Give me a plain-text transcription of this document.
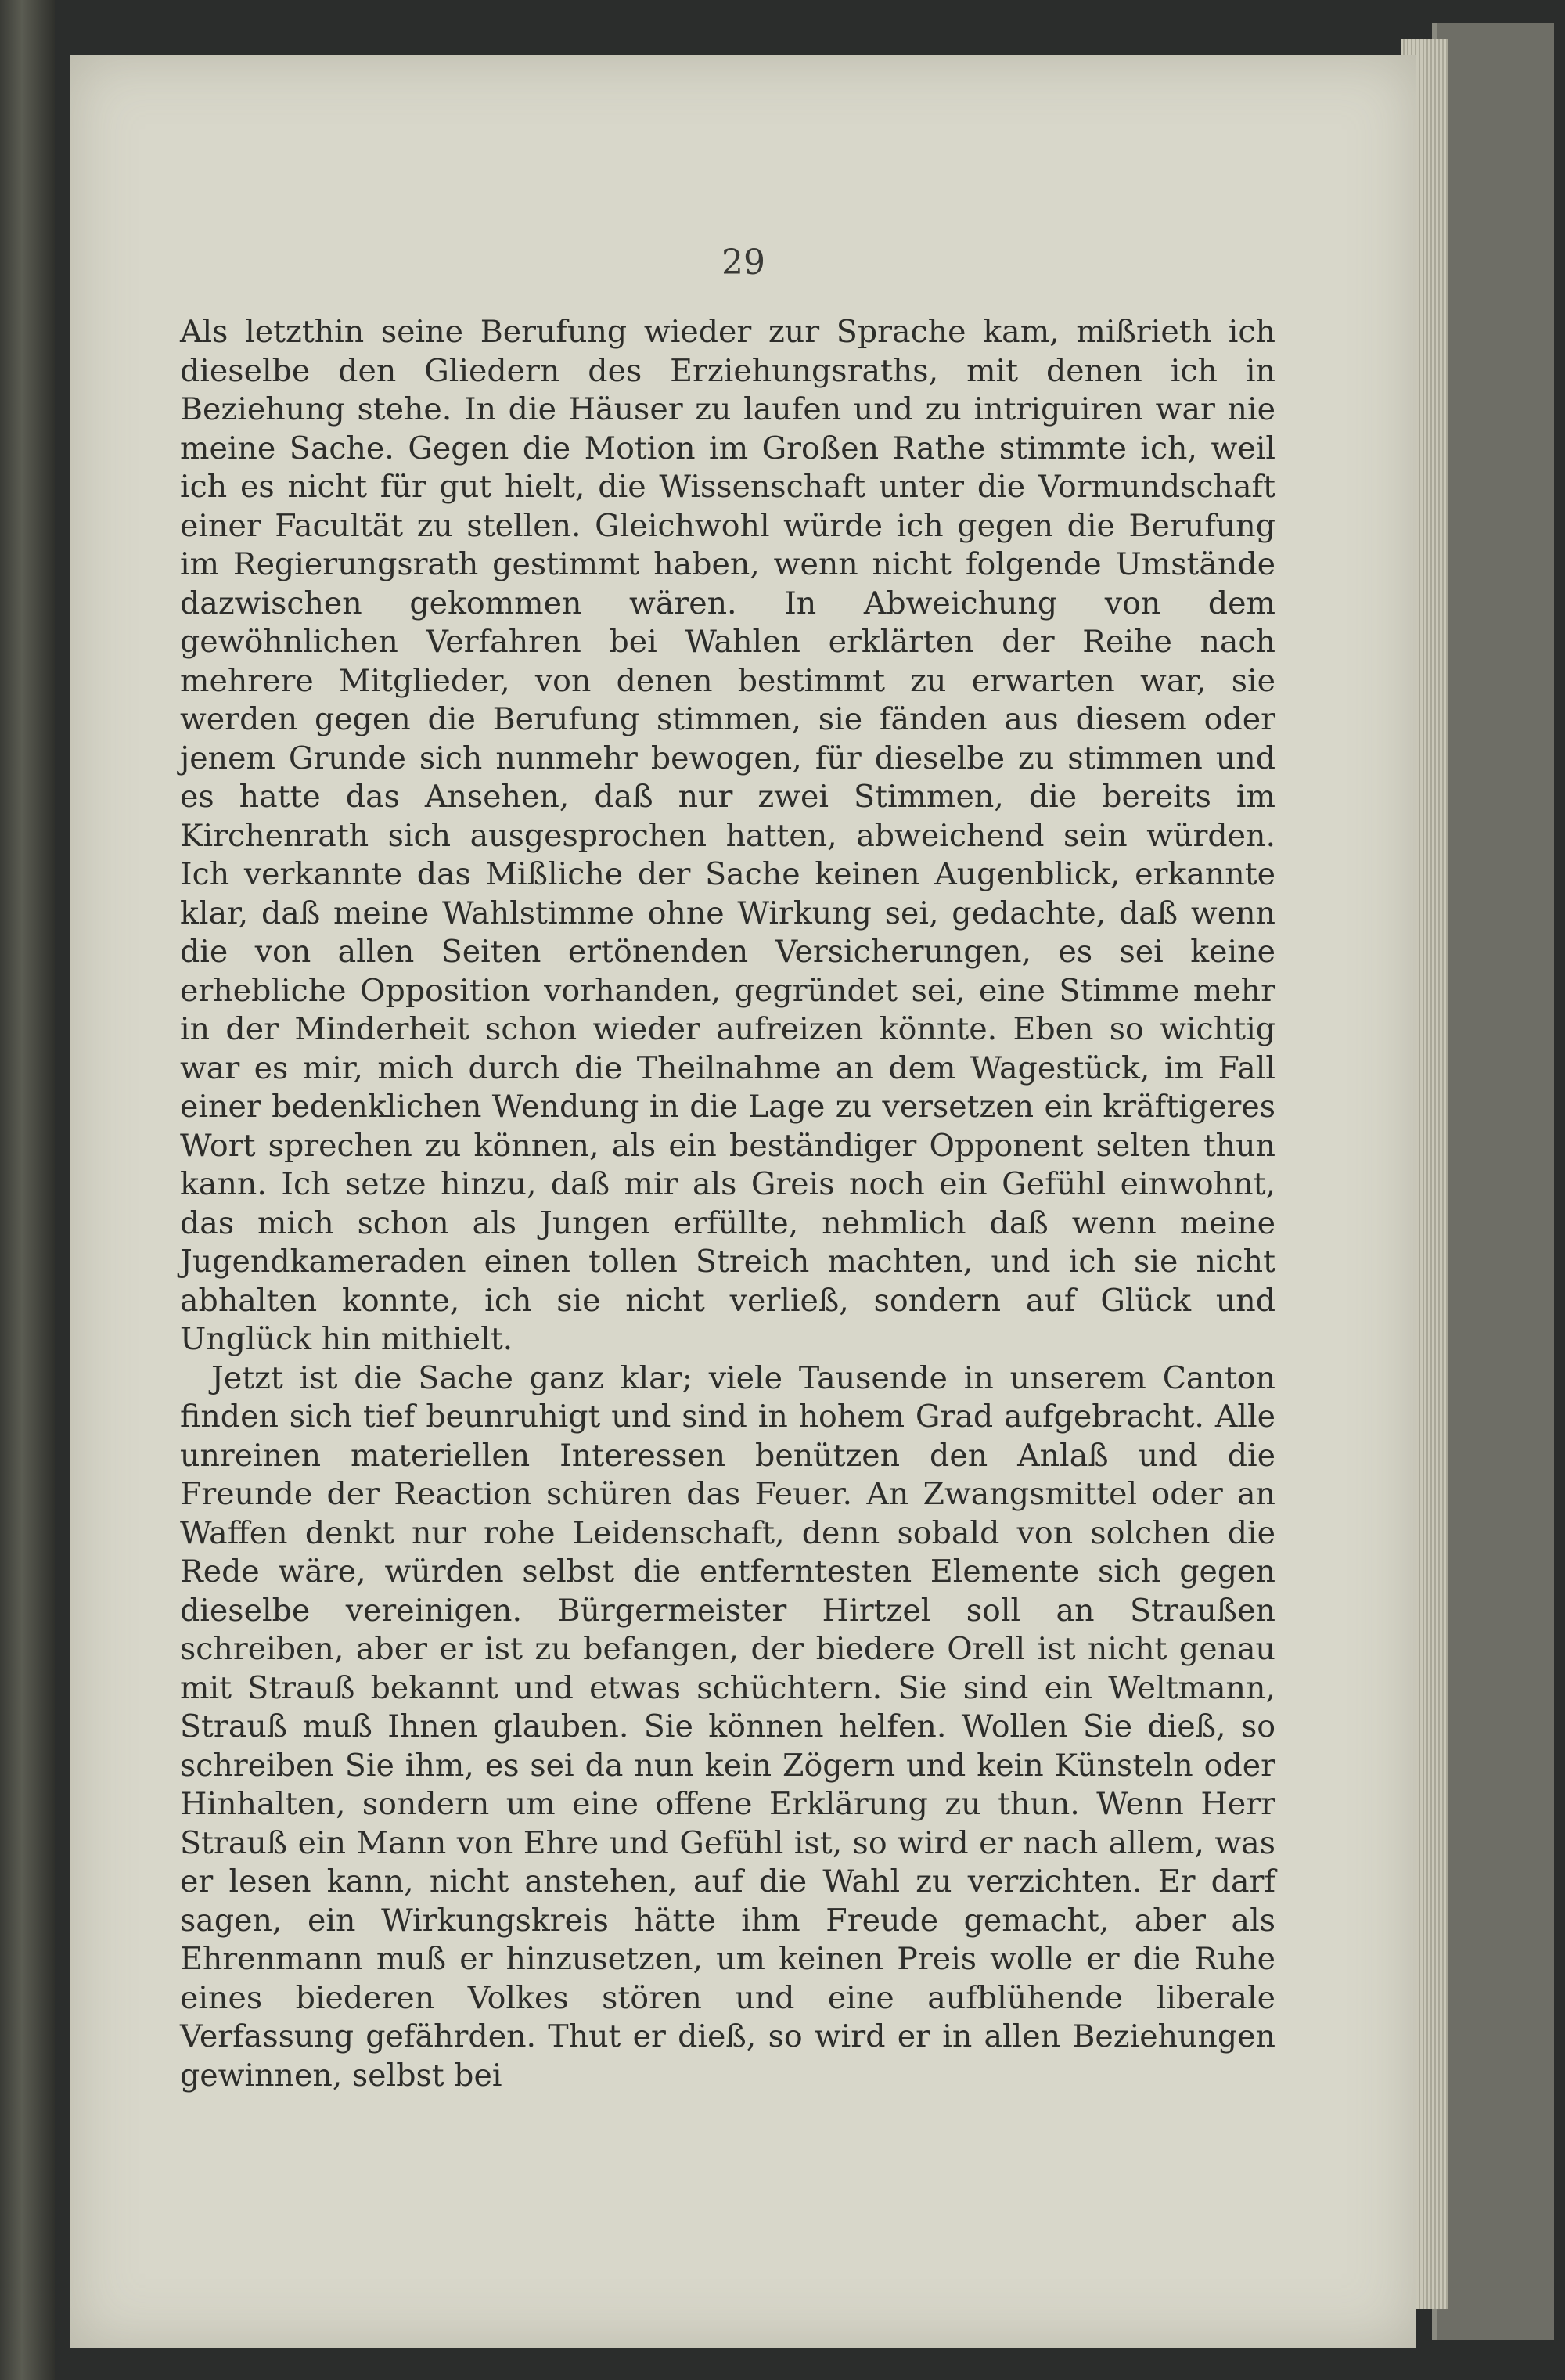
29

Als letzthin seine Berufung wieder zur Sprache kam, mißrieth ich dieselbe den Gliedern des Erziehungsraths, mit denen ich in Beziehung stehe. In die Häuser zu laufen und zu intriguiren war nie meine Sache. Gegen die Motion im Großen Rathe stimmte ich, weil ich es nicht für gut hielt, die Wissenschaft unter die Vormundschaft einer Facultät zu stellen. Gleichwohl würde ich gegen die Berufung im Regierungsrath gestimmt haben, wenn nicht folgende Umstände dazwischen gekommen wären. In Abweichung von dem gewöhnlichen Verfahren bei Wahlen erklärten der Reihe nach mehrere Mitglieder, von denen bestimmt zu erwarten war, sie werden gegen die Berufung stimmen, sie fänden aus diesem oder jenem Grunde sich nunmehr bewogen, für dieselbe zu stimmen und es hatte das Ansehen, daß nur zwei Stimmen, die bereits im Kirchenrath sich ausgesprochen hatten, abweichend sein würden. Ich verkannte das Mißliche der Sache keinen Augenblick, erkannte klar, daß meine Wahlstimme ohne Wirkung sei, gedachte, daß wenn die von allen Seiten ertönenden Versicherungen, es sei keine erhebliche Opposition vorhanden, gegründet sei, eine Stimme mehr in der Minderheit schon wieder aufreizen könnte. Eben so wichtig war es mir, mich durch die Theilnahme an dem Wagestück, im Fall einer bedenklichen Wendung in die Lage zu versetzen ein kräftigeres Wort sprechen zu können, als ein beständiger Opponent selten thun kann. Ich setze hinzu, daß mir als Greis noch ein Gefühl einwohnt, das mich schon als Jungen erfüllte, nehmlich daß wenn meine Jugendkameraden einen tollen Streich machten, und ich sie nicht abhalten konnte, ich sie nicht verließ, sondern auf Glück und Unglück hin mithielt.

Jetzt ist die Sache ganz klar; viele Tausende in unserem Canton finden sich tief beunruhigt und sind in hohem Grad aufgebracht. Alle unreinen materiellen Interessen benützen den Anlaß und die Freunde der Reaction schüren das Feuer. An Zwangsmittel oder an Waffen denkt nur rohe Leidenschaft, denn sobald von solchen die Rede wäre, würden selbst die entferntesten Elemente sich gegen dieselbe vereinigen. Bürgermeister Hirtzel soll an Straußen schreiben, aber er ist zu befangen, der biedere Orell ist nicht genau mit Strauß bekannt und etwas schüchtern. Sie sind ein Weltmann, Strauß muß Ihnen glauben. Sie können helfen. Wollen Sie dieß, so schreiben Sie ihm, es sei da nun kein Zögern und kein Künsteln oder Hinhalten, sondern um eine offene Erklärung zu thun. Wenn Herr Strauß ein Mann von Ehre und Gefühl ist, so wird er nach allem, was er lesen kann, nicht anstehen, auf die Wahl zu verzichten. Er darf sagen, ein Wirkungskreis hätte ihm Freude gemacht, aber als Ehrenmann muß er hinzusetzen, um keinen Preis wolle er die Ruhe eines biederen Volkes stören und eine aufblühende liberale Verfassung gefährden. Thut er dieß, so wird er in allen Beziehungen gewinnen, selbst bei
